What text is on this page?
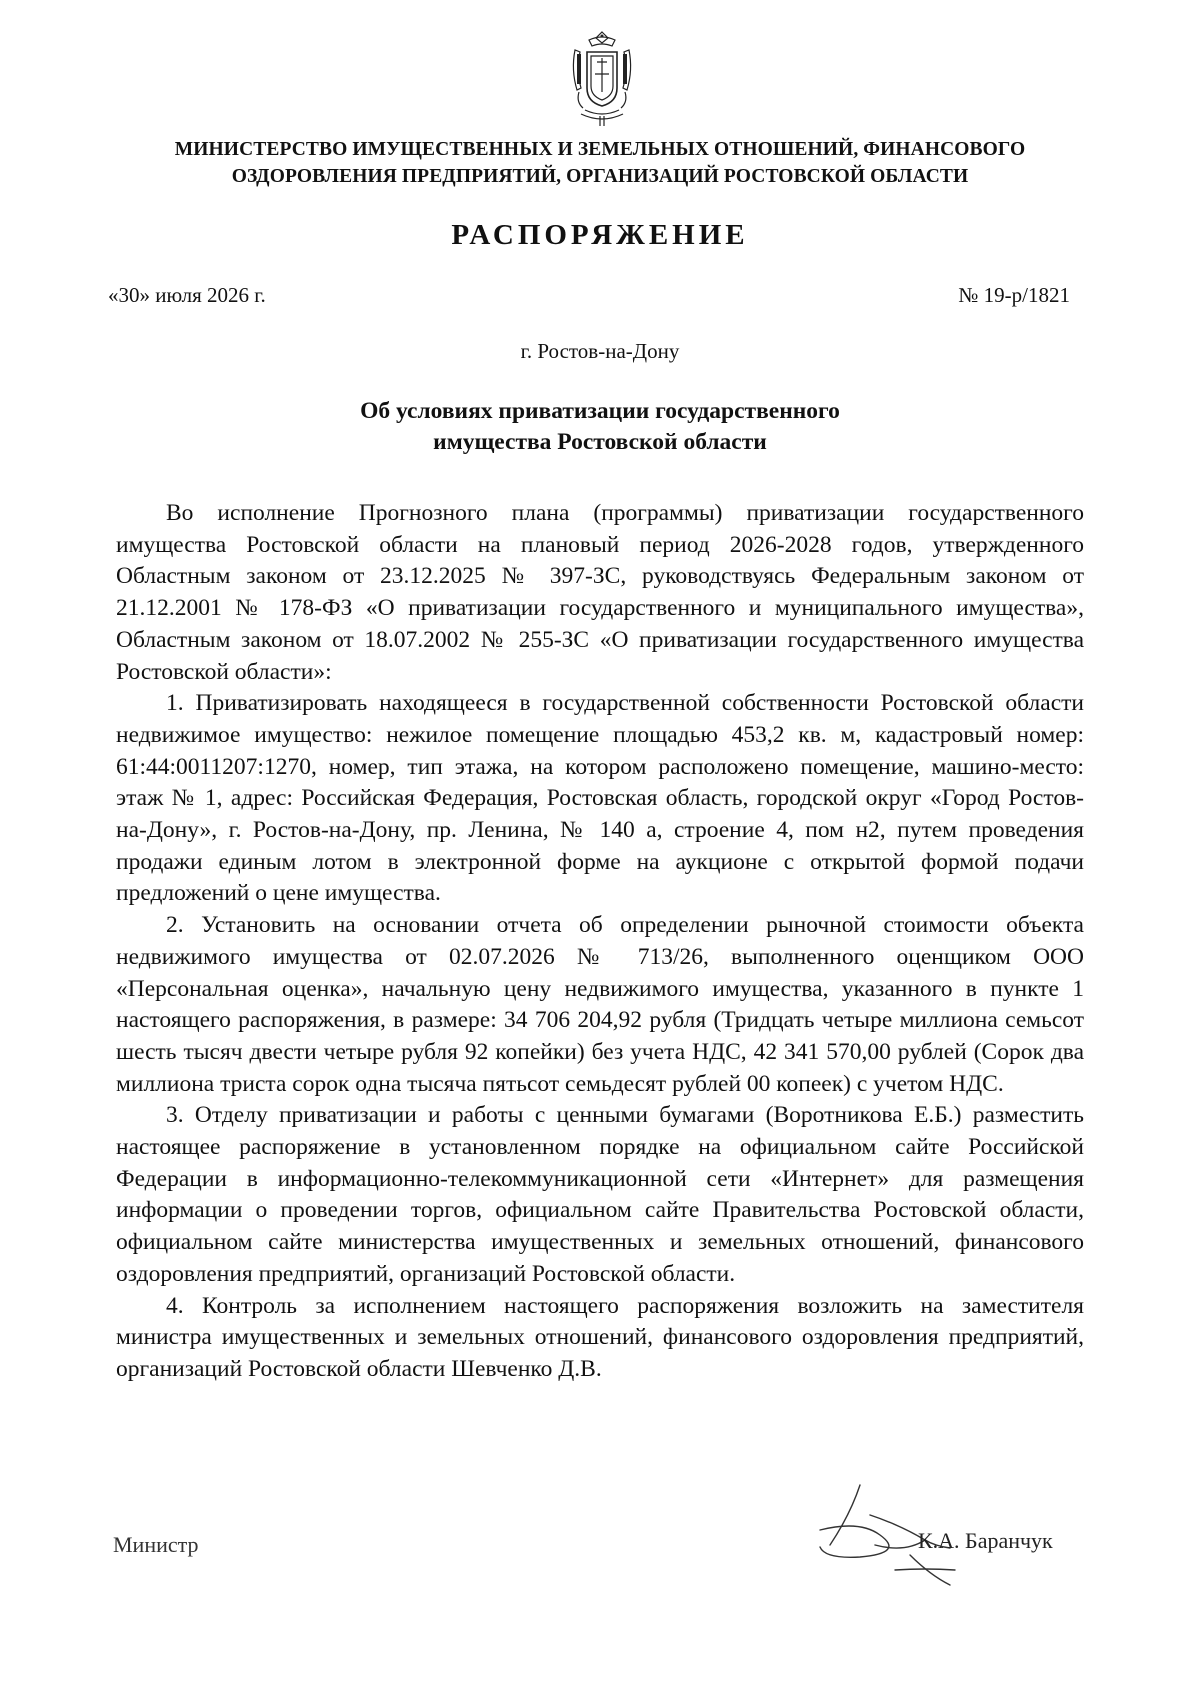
МИНИСТЕРСТВО ИМУЩЕСТВЕННЫХ И ЗЕМЕЛЬНЫХ ОТНОШЕНИЙ, ФИНАНСОВОГО
ОЗДОРОВЛЕНИЯ ПРЕДПРИЯТИЙ, ОРГАНИЗАЦИЙ РОСТОВСКОЙ ОБЛАСТИ
РАСПОРЯЖЕНИЕ
«30» июля 2026 г.	№ 19-р/1821
г. Ростов-на-Дону
Об условиях приватизации государственного
имущества Ростовской области

Во исполнение Прогнозного плана (программы) приватизации государственного имущества Ростовской области на плановый период 2026-2028 годов, утвержденного Областным законом от 23.12.2025 № 397-ЗС, руководствуясь Федеральным законом от 21.12.2001 № 178-ФЗ «О приватизации государственного и муниципального имущества», Областным законом от 18.07.2002 № 255-ЗС «О приватизации государственного имущества Ростовской области»:

1. Приватизировать находящееся в государственной собственности Ростовской области недвижимое имущество: нежилое помещение площадью 453,2 кв. м, кадастровый номер: 61:44:0011207:1270, номер, тип этажа, на котором расположено помещение, машино-место: этаж № 1, адрес: Российская Федерация, Ростовская область, городской округ «Город Ростов-на-Дону», г. Ростов-на-Дону, пр. Ленина, № 140 а, строение 4, пом н2, путем проведения продажи единым лотом в электронной форме на аукционе с открытой формой подачи предложений о цене имущества.

2. Установить на основании отчета об определении рыночной стоимости объекта недвижимого имущества от 02.07.2026 № 713/26, выполненного оценщиком ООО «Персональная оценка», начальную цену недвижимого имущества, указанного в пункте 1 настоящего распоряжения, в размере: 34 706 204,92 рубля (Тридцать четыре миллиона семьсот шесть тысяч двести четыре рубля 92 копейки) без учета НДС, 42 341 570,00 рублей (Сорок два миллиона триста сорок одна тысяча пятьсот семьдесят рублей 00 копеек) с учетом НДС.

3. Отделу приватизации и работы с ценными бумагами (Воротникова Е.Б.) разместить настоящее распоряжение в установленном порядке на официальном сайте Российской Федерации в информационно-телекоммуникационной сети «Интернет» для размещения информации о проведении торгов, официальном сайте Правительства Ростовской области, официальном сайте министерства имущественных и земельных отношений, финансового оздоровления предприятий, организаций Ростовской области.

4. Контроль за исполнением настоящего распоряжения возложить на заместителя министра имущественных и земельных отношений, финансового оздоровления предприятий, организаций Ростовской области Шевченко Д.В.

Министр	К.А. Баранчук
